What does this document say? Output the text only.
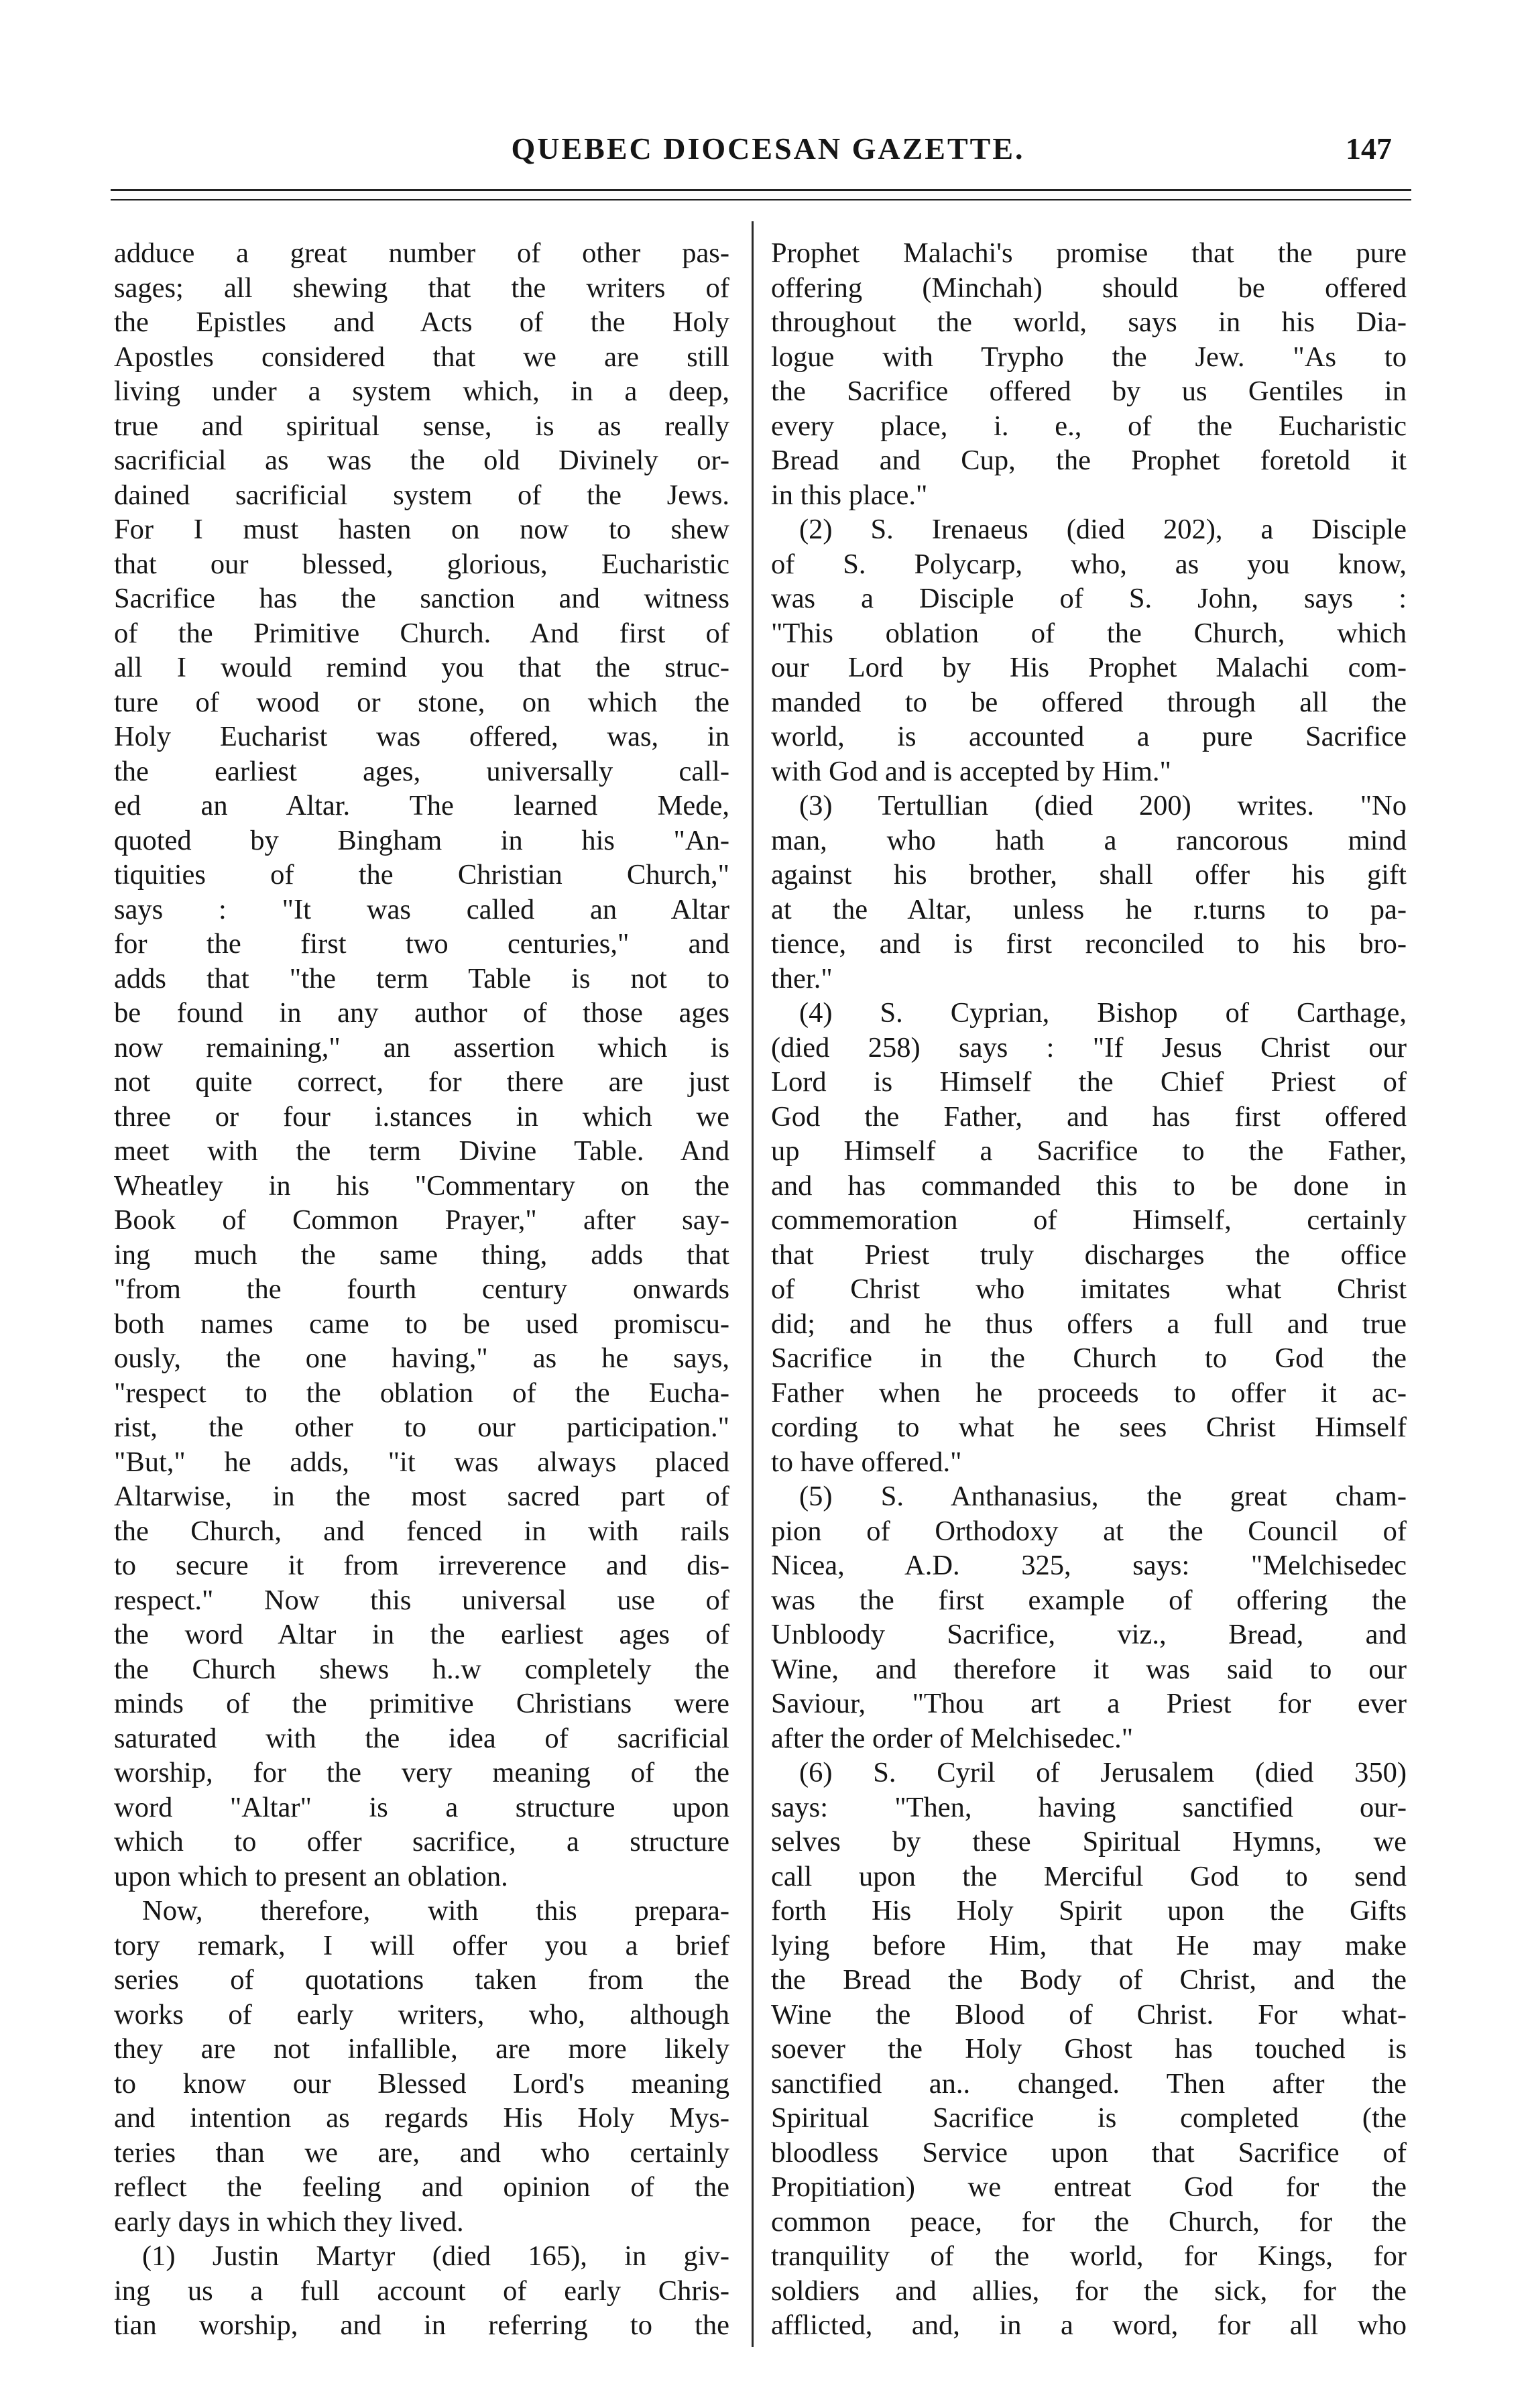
QUEBEC DIOCESAN GAZETTE.	147
adduce a great number of other pas-
sages; all shewing that the writers of
the Epistles and Acts of the Holy
Apostles considered that we are still
living under a system which, in a deep,
true and spiritual sense, is as really
sacrificial as was the old Divinely or-
dained sacrificial system of the Jews.
For I must hasten on now to shew
that our blessed, glorious, Eucharistic
Sacrifice has the sanction and witness
of the Primitive Church. And first of
all I would remind you that the struc-
ture of wood or stone, on which the
Holy Eucharist was offered, was, in
the earliest ages, universally call-
ed an Altar. The learned Mede,
quoted by Bingham in his "An-
tiquities of the Christian Church,"
says : "It was called an Altar
for the first two centuries," and
adds that "the term Table is not to
be found in any author of those ages
now remaining," an assertion which is
not quite correct, for there are just
three or four i.stances in which we
meet with the term Divine Table. And
Wheatley in his "Commentary on the
Book of Common Prayer," after say-
ing much the same thing, adds that
"from the fourth century onwards
both names came to be used promiscu-
ously, the one having," as he says,
"respect to the oblation of the Eucha-
rist, the other to our participation."
"But," he adds, "it was always placed
Altarwise, in the most sacred part of
the Church, and fenced in with rails
to secure it from irreverence and dis-
respect." Now this universal use of
the word Altar in the earliest ages of
the Church shews h..w completely the
minds of the primitive Christians were
saturated with the idea of sacrificial
worship, for the very meaning of the
word "Altar" is a structure upon
which to offer sacrifice, a structure
upon which to present an oblation.
Now, therefore, with this prepara-
tory remark, I will offer you a brief
series of quotations taken from the
works of early writers, who, although
they are not infallible, are more likely
to know our Blessed Lord's meaning
and intention as regards His Holy Mys-
teries than we are, and who certainly
reflect the feeling and opinion of the
early days in which they lived.
(1) Justin Martyr (died 165), in giv-
ing us a full account of early Chris-
tian worship, and in referring to the
Prophet Malachi's promise that the pure
offering (Minchah) should be offered
throughout the world, says in his Dia-
logue with Trypho the Jew. "As to
the Sacrifice offered by us Gentiles in
every place, i. e., of the Eucharistic
Bread and Cup, the Prophet foretold it
in this place."
(2) S. Irenaeus (died 202), a Disciple
of S. Polycarp, who, as you know,
was a Disciple of S. John, says :
"This oblation of the Church, which
our Lord by His Prophet Malachi com-
manded to be offered through all the
world, is accounted a pure Sacrifice
with God and is accepted by Him."
(3) Tertullian (died 200) writes. "No
man, who hath a rancorous mind
against his brother, shall offer his gift
at the Altar, unless he r.turns to pa-
tience, and is first reconciled to his bro-
ther."
(4) S. Cyprian, Bishop of Carthage,
(died 258) says : "If Jesus Christ our
Lord is Himself the Chief Priest of
God the Father, and has first offered
up Himself a Sacrifice to the Father,
and has commanded this to be done in
commemoration of Himself, certainly
that Priest truly discharges the office
of Christ who imitates what Christ
did; and he thus offers a full and true
Sacrifice in the Church to God the
Father when he proceeds to offer it ac-
cording to what he sees Christ Himself
to have offered."
(5) S. Anthanasius, the great cham-
pion of Orthodoxy at the Council of
Nicea, A.D. 325, says: "Melchisedec
was the first example of offering the
Unbloody Sacrifice, viz., Bread, and
Wine, and therefore it was said to our
Saviour, "Thou art a Priest for ever
after the order of Melchisedec."
(6) S. Cyril of Jerusalem (died 350)
says: "Then, having sanctified our-
selves by these Spiritual Hymns, we
call upon the Merciful God to send
forth His Holy Spirit upon the Gifts
lying before Him, that He may make
the Bread the Body of Christ, and the
Wine the Blood of Christ. For what-
soever the Holy Ghost has touched is
sanctified an.. changed. Then after the
Spiritual Sacrifice is completed (the
bloodless Service upon that Sacrifice of
Propitiation) we entreat God for the
common peace, for the Church, for the
tranquility of the world, for Kings, for
soldiers and allies, for the sick, for the
afflicted, and, in a word, for all who
